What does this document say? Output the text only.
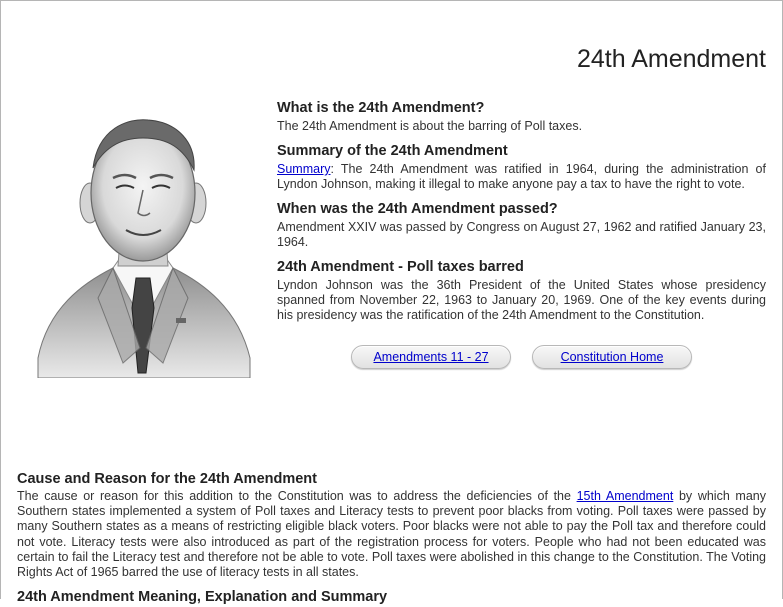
24th Amendment
What is the 24th Amendment?

The 24th Amendment is about the barring of Poll taxes.

Summary of the 24th Amendment

Summary: The 24th Amendment was ratified in 1964, during the administration of Lyndon Johnson, making it illegal to make anyone pay a tax to have the right to vote.

When was the 24th Amendment passed?

Amendment XXIV was passed by Congress on August 27, 1962 and ratified January 23, 1964.

24th Amendment - Poll taxes barred

Lyndon Johnson was the 36th President of the United States whose presidency spanned from November 22, 1963 to January 20, 1969. One of the key events during his presidency was the ratification of the 24th Amendment to the Constitution.

Amendments 11 - 27	Constitution Home
Cause and Reason for the 24th Amendment

The cause or reason for this addition to the Constitution was to address the deficiencies of the 15th Amendment by which many Southern states implemented a system of Poll taxes and Literacy tests to prevent poor blacks from voting. Poll taxes were passed by many Southern states as a means of restricting eligible black voters. Poor blacks were not able to pay the Poll tax and therefore could not vote. Literacy tests were also introduced as part of the registration process for voters. People who had not been educated was certain to fail the Literacy test and therefore not be able to vote. Poll taxes were abolished in this change to the Constitution. The Voting Rights Act of 1965 barred the use of literacy tests in all states.

24th Amendment Meaning, Explanation and Summary
